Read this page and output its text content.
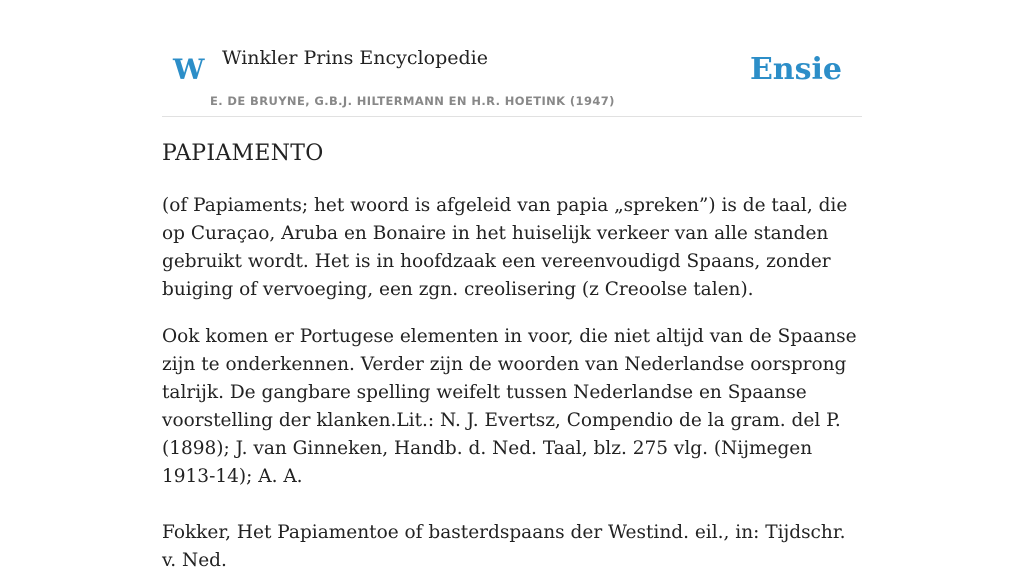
W Winkler Prins Encyclopedie
E. DE BRUYNE, G.B.J. HILTERMANN EN H.R. HOETINK (1947)
Ensie
PAPIAMENTO

(of Papiaments; het woord is afgeleid van papia „spreken”) is de taal, die op Curaçao, Aruba en Bonaire in het huiselijk verkeer van alle standen gebruikt wordt. Het is in hoofdzaak een vereenvoudigd Spaans, zonder buiging of vervoeging, een zgn. creolisering (z Creoolse talen).

Ook komen er Portugese elementen in voor, die niet altijd van de Spaanse zijn te onderkennen. Verder zijn de woorden van Nederlandse oorsprong talrijk. De gangbare spelling weifelt tussen Nederlandse en Spaanse voorstelling der klanken.Lit.: N. J. Evertsz, Compendio de la gram. del P. (1898); J. van Ginneken, Handb. d. Ned. Taal, blz. 275 vlg. (Nijmegen 1913-14); A. A.

Fokker, Het Papiamentoe of basterdspaans der Westind. eil., in: Tijdschr. v. Ned.
